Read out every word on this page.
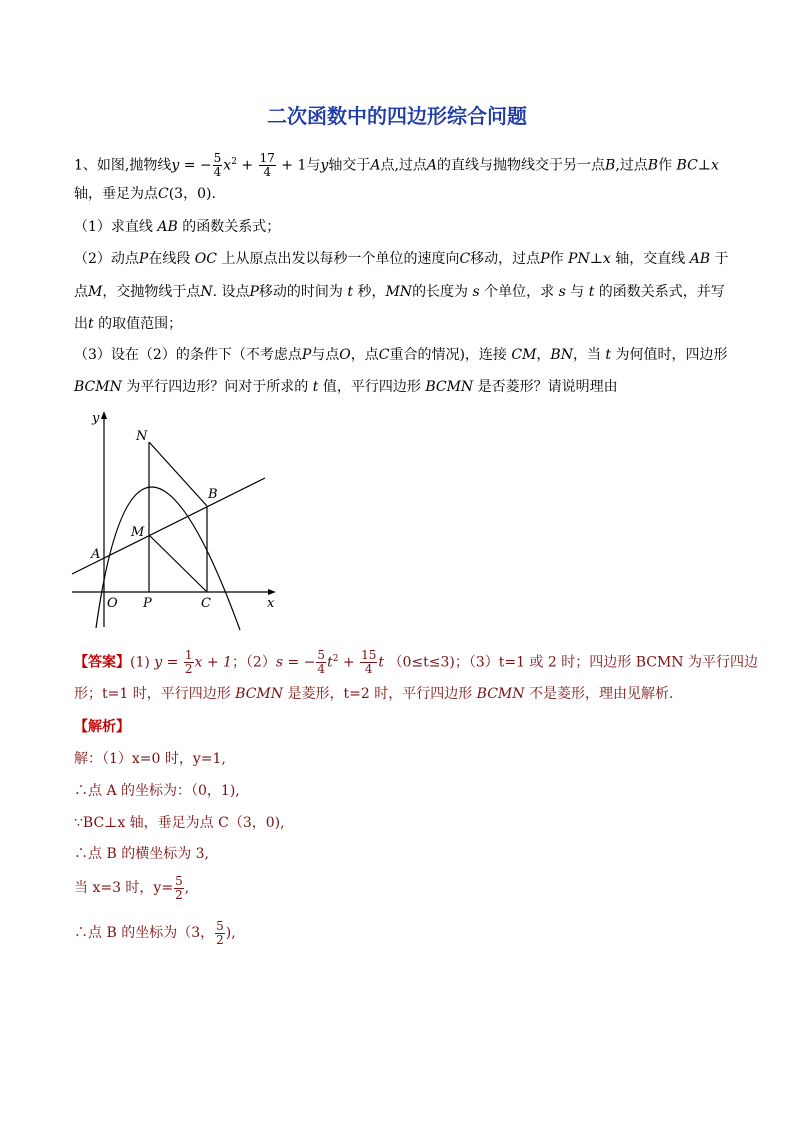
二次函数中的四边形综合问题
1、如图,抛物线y = − $\frac{5}{4} x^2 + \frac{17}{4} + 1$与y轴交于A点,过点A的直线与抛物线交于另一点B,过点B作 BC⊥x
轴，垂足为点C(3，0).
（1）求直线 AB 的函数关系式；
（2）动点P在线段 OC 上从原点出发以每秒一个单位的速度向C移动，过点P作 PN⊥x 轴，交直线 AB 于
点M，交抛物线于点N. 设点P移动的时间为 t 秒，MN的长度为 s 个单位，求 s 与 t 的函数关系式，并写
出t 的取值范围；
（3）设在（2）的条件下（不考虑点P与点O，点C重合的情况)，连接 CM，BN，当 t 为何值时，四边形
BCMN 为平行四边形？问对于所求的 t 值，平行四边形 BCMN 是否菱形？请说明理由
y
x
N
B
M
A
O P	C
【答案】(1) $y = \frac{1}{2}$ x + 1；（2）s = − $\frac{5}{4} t^2 + \frac{15}{4}$ t （0≤t≤3)；（3）t=1 或 2 时；四边形 BCMN 为平行四边
形；t=1 时，平行四边形 BCMN 是菱形，t=2 时，平行四边形 BCMN 不是菱形，理由见解析.
【解析】
解：（1）x=0 时，y=1,
∴点 A 的坐标为：（0，1),
∵BC⊥x 轴，垂足为点 C（3，0),
∴点 B 的横坐标为 3,
当 x=3 时，$y= \frac{5}{2}$ ,
∴点 B 的坐标为（3， $\frac{5}{2}$ ),
